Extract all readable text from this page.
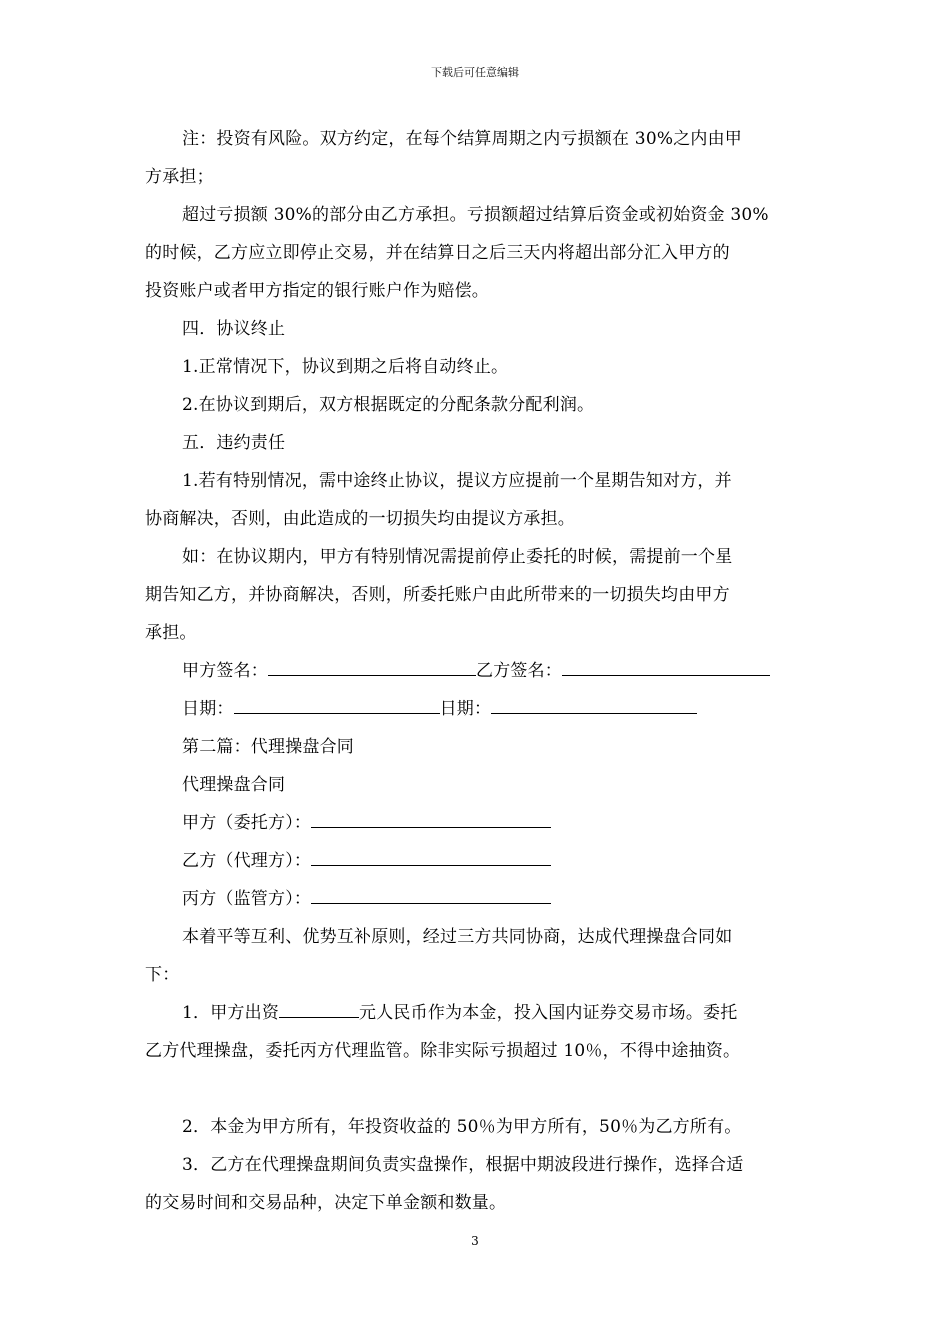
下载后可任意编辑

注：投资有风险。双方约定，在每个结算周期之内亏损额在 30%之内由甲

方承担；

超过亏损额 30%的部分由乙方承担。亏损额超过结算后资金或初始资金 30%

的时候，乙方应立即停止交易，并在结算日之后三天内将超出部分汇入甲方的

投资账户或者甲方指定的银行账户作为赔偿。

四．协议终止

1.正常情况下，协议到期之后将自动终止。

2.在协议到期后，双方根据既定的分配条款分配利润。

五．违约责任

1.若有特别情况，需中途终止协议，提议方应提前一个星期告知对方，并

协商解决，否则，由此造成的一切损失均由提议方承担。

如：在协议期内，甲方有特别情况需提前停止委托的时候，需提前一个星

期告知乙方，并协商解决，否则，所委托账户由此所带来的一切损失均由甲方

承担。

甲方签名：	乙方签名：

日期：	日期：

第二篇：代理操盘合同

代理操盘合同

甲方（委托方）：

乙方（代理方）：

丙方（监管方）：

本着平等互利、优势互补原则，经过三方共同协商，达成代理操盘合同如

下：

1．甲方出资	元人民币作为本金，投入国内证券交易市场。委托

乙方代理操盘，委托丙方代理监管。除非实际亏损超过 10％，不得中途抽资。

2．本金为甲方所有，年投资收益的 50％为甲方所有，50％为乙方所有。

3．乙方在代理操盘期间负责实盘操作，根据中期波段进行操作，选择合适

的交易时间和交易品种，决定下单金额和数量。

3
